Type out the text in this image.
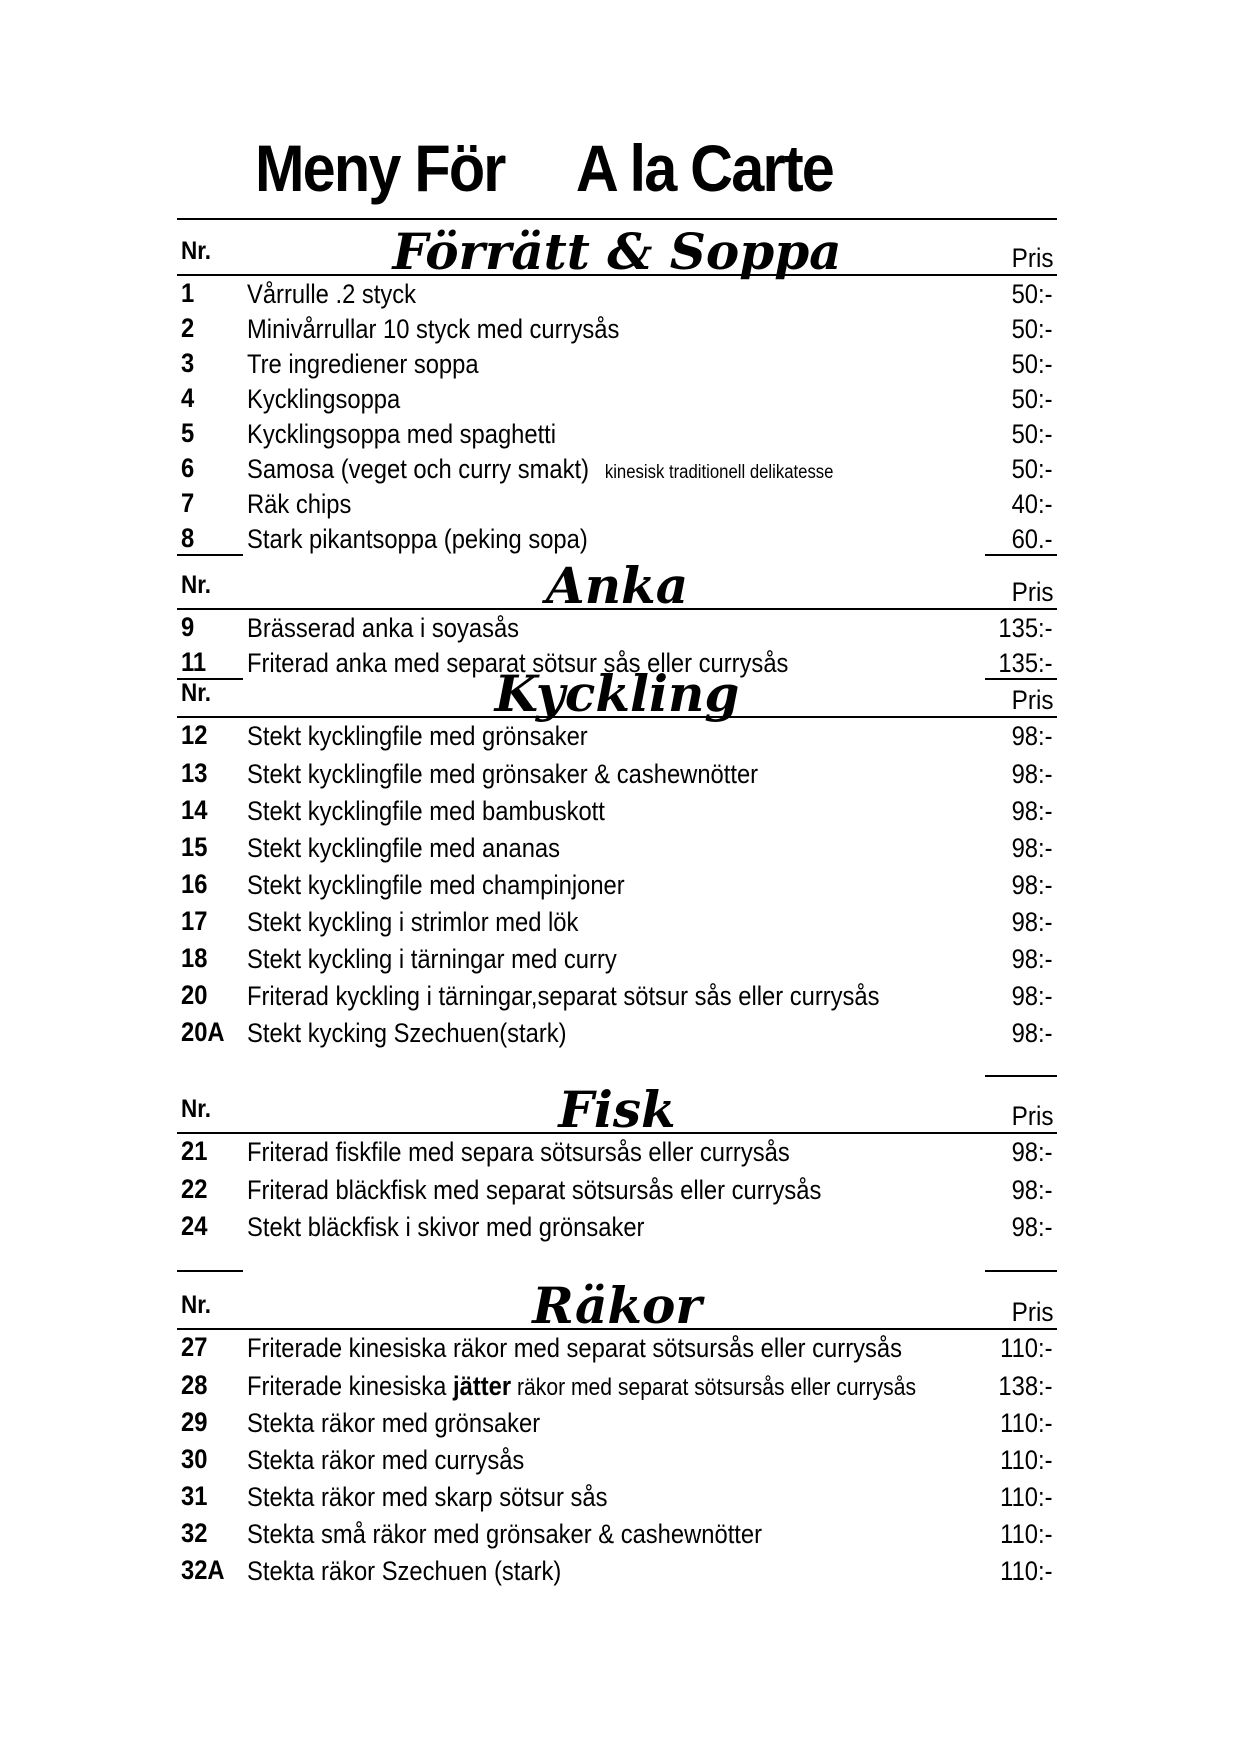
Meny För     A la Carte
Nr.	Förrätt & Soppa	Pris
1 Vårrulle .2 styck	50:-
2 Minivårrullar 10 styck med currysås	50:-
3 Tre ingrediener soppa	50:-
4 Kycklingsoppa	50:-
5 Kycklingsoppa med spaghetti	50:-
6 Samosa (veget och curry smakt) kinesisk traditionell delikatesse	50:-
7 Räk chips	40:-
8 Stark pikantsoppa (peking sopa)	60.-
Nr.	Anka	Pris
9 Brässerad anka i soyasås	135:-
11 Friterad anka med separat sötsur sås eller currysås	135:-
Nr.	Kyckling	Pris
12 Stekt kycklingfile med grönsaker	98:-
13 Stekt kycklingfile med grönsaker & cashewnötter	98:-
14 Stekt kycklingfile med bambuskott	98:-
15 Stekt kycklingfile med ananas	98:-
16 Stekt kycklingfile med champinjoner	98:-
17 Stekt kyckling i strimlor med lök	98:-
18 Stekt kyckling i tärningar med curry	98:-
20 Friterad kyckling i tärningar,separat sötsur sås eller currysås	98:-
20A Stekt kycking Szechuen(stark)	98:-
Nr.	Fisk	Pris
21 Friterad fiskfile med separa sötsursås eller currysås	98:-
22 Friterad bläckfisk med separat sötsursås eller currysås	98:-
24 Stekt bläckfisk i skivor med grönsaker	98:-
Nr.	Räkor	Pris
27 Friterade kinesiska räkor med separat sötsursås eller currysås	110:-
28 Friterade kinesiska jätter räkor med separat sötsursås eller currysås	138:-
29 Stekta räkor med grönsaker	110:-
30 Stekta räkor med currysås	110:-
31 Stekta räkor med skarp sötsur sås	110:-
32 Stekta små räkor med grönsaker & cashewnötter	110:-
32A Stekta räkor Szechuen (stark)	110:-
